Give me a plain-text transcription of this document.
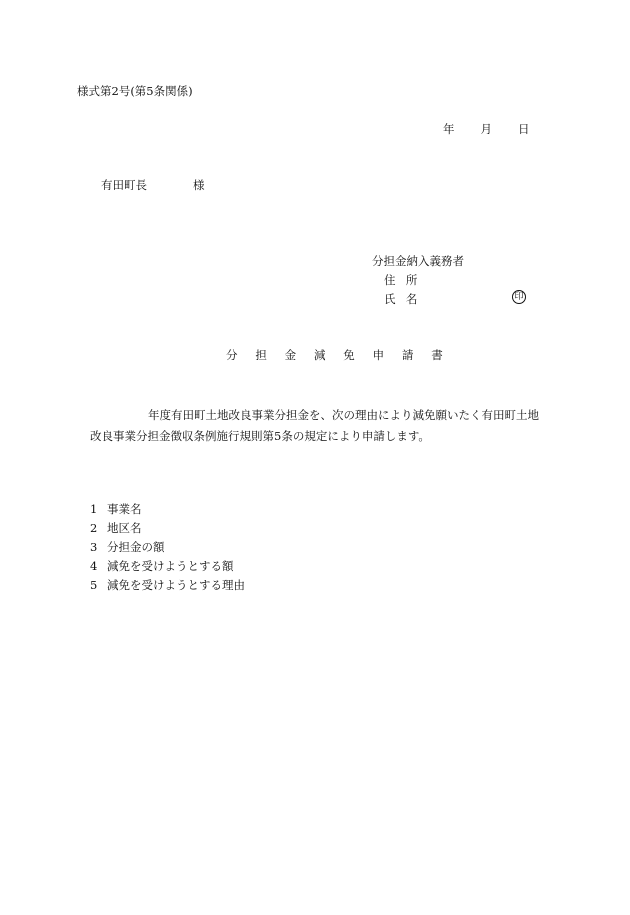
様式第2号(第5条関係)
年 月 日
有田町長	様
分担金納入義務者
住所
氏名	印
分担金減免申請書
年度有田町土地改良事業分担金を、次の理由により減免願いたく有田町土地
改良事業分担金徴収条例施行規則第5条の規定により申請します。
1 事業名
2 地区名
3 分担金の額
4 減免を受けようとする額
5 減免を受けようとする理由
